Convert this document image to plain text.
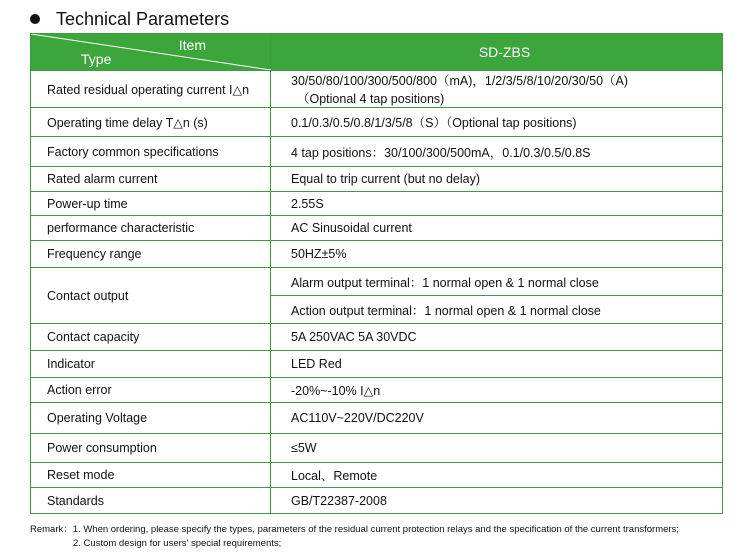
Technical Parameters
Item
Type	SD-ZBS
Rated residual operating current I△n	30/50/80/100/300/500/800（mA)，1/2/3/5/8/10/20/30/50（A)
（Optional 4 tap positions)

Operating time delay T△n (s)	0.1/0.3/0.5/0.8/1/3/5/8（S）（Optional tap positions)
Factory common specifications	4 tap positions：30/100/300/500mA，0.1/0.3/0.5/0.8S
Rated alarm current	Equal to trip current (but no delay)
Power-up time	2.55S
performance characteristic	AC Sinusoidal current
Frequency range	50HZ±5%
Contact output	Alarm output terminal：1 normal open & 1 normal close
	Action output terminal：1 normal open & 1 normal close
Contact capacity	5A 250VAC 5A 30VDC
Indicator	LED Red
Action error	-20%~-10% I△n
Operating Voltage	AC110V~220V/DC220V
Power consumption	≤5W
Reset mode	Local、Remote
Standards	GB/T22387-2008
Remark：1. When ordering, please specify the types, parameters of the residual current protection relays and the specification of the current transformers;
2. Custom design for users' special requirements;
